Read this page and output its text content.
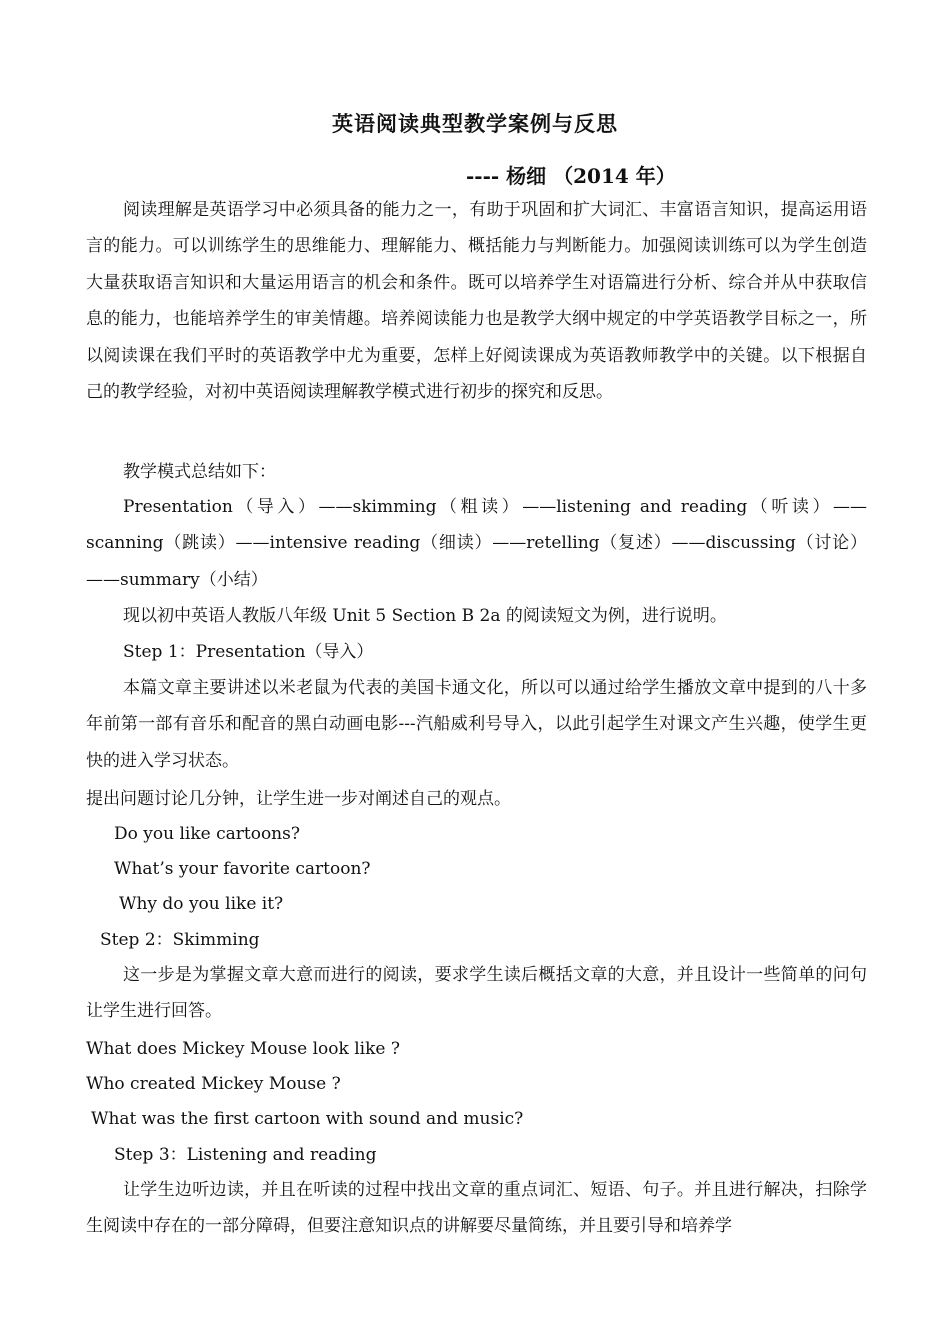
英语阅读典型教学案例与反思
---- 杨细 （2014 年）

阅读理解是英语学习中必须具备的能力之一，有助于巩固和扩大词汇、丰富语言知识，提高运用语言的能力。可以训练学生的思维能力、理解能力、概括能力与判断能力。加强阅读训练可以为学生创造大量获取语言知识和大量运用语言的机会和条件。既可以培养学生对语篇进行分析、综合并从中获取信息的能力，也能培养学生的审美情趣。培养阅读能力也是教学大纲中规定的中学英语教学目标之一，所以阅读课在我们平时的英语教学中尤为重要，怎样上好阅读课成为英语教师教学中的关键。以下根据自己的教学经验，对初中英语阅读理解教学模式进行初步的探究和反思。

教学模式总结如下：

Presentation（导入）——skimming（粗读）——listening and reading（听读）——scanning（跳读）——intensive reading（细读）——retelling（复述）——discussing（讨论）——summary（小结）

现以初中英语人教版八年级 Unit 5 Section B 2a 的阅读短文为例，进行说明。

Step 1：Presentation（导入）

本篇文章主要讲述以米老鼠为代表的美国卡通文化，所以可以通过给学生播放文章中提到的八十多年前第一部有音乐和配音的黑白动画电影---汽船威利号导入，以此引起学生对课文产生兴趣，使学生更快的进入学习状态。

提出问题讨论几分钟，让学生进一步对阐述自己的观点。
Do you like cartoons?
What’s your favorite cartoon?
Why do you like it?
Step 2：Skimming

这一步是为掌握文章大意而进行的阅读，要求学生读后概括文章的大意，并且设计一些简单的问句让学生进行回答。

What does Mickey Mouse look like ?
Who created Mickey Mouse ?
What was the first cartoon with sound and music?
Step 3：Listening and reading

让学生边听边读，并且在听读的过程中找出文章的重点词汇、短语、句子。并且进行解决，扫除学生阅读中存在的一部分障碍，但要注意知识点的讲解要尽量简练，并且要引导和培养学
